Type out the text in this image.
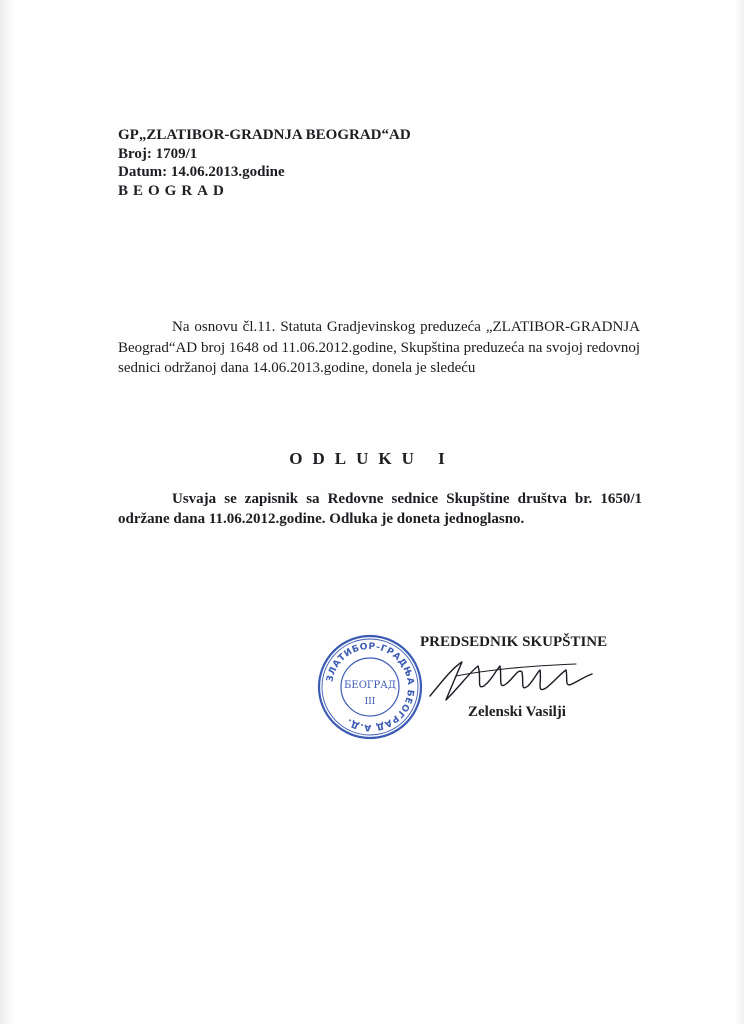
GP„ZLATIBOR-GRADNJA BEOGRAD“AD
Broj: 1709/1
Datum: 14.06.2013.godine
BEOGRAD
Na osnovu čl.11. Statuta Gradjevinskog preduzeća „ZLATIBOR-GRADNJA Beograd“AD broj 1648 od 11.06.2012.godine, Skupština preduzeća na svojoj redovnoj sednici održanoj dana 14.06.2013.godine, donela je sledeću
ODLUKU I
Usvaja se zapisnik sa Redovne sednice Skupštine društva br. 1650/1 održane dana 11.06.2012.godine. Odluka je doneta jednoglasno.
ЗЛАТИБОР-ГРАДЊА БЕОГРАД А.Д.
БЕОГРАД
III
PREDSEDNIK SKUPŠTINE
Zelenski Vasilji
